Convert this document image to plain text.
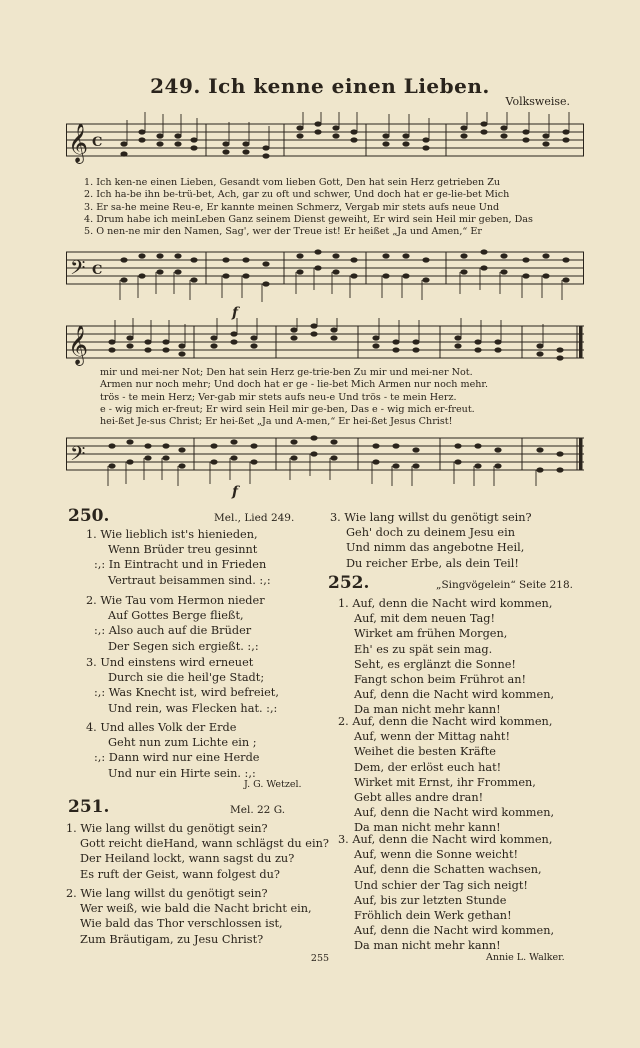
249. Ich kenne einen Lieben.
Volksweise.
𝄞 C
1. Ich ken-ne einen Lieben, Gesandt vom lieben Gott, Den hat sein Herz getrieben Zu
2. Ich ha-be ihn be-trü-bet, Ach, gar zu oft und schwer, Und doch hat er ge-lie-bet Mich
3. Er sa-he meine Reu-e, Er kannte meinen Schmerz, Vergab mir stets aufs neue Und
4. Drum habe ich meinLeben Ganz seinem Dienst geweiht, Er wird sein Heil mir geben, Das
5. O nen-ne mir den Namen, Sag', wer der Treue ist! Er heißet „Ja und Amen,“ Er
𝄢 C
f
𝄞
mir und mei-ner Not; Den hat sein Herz ge-trie-ben Zu mir und mei-ner Not.
Armen nur noch mehr; Und doch hat er ge - lie-bet Mich Armen nur noch mehr.
trös - te mein Herz; Ver-gab mir stets aufs neu-e Und trös - te mein Herz.
e - wig mich er-freut; Er wird sein Heil mir ge-ben, Das e - wig mich er-freut.
hei-ßet Je-sus Christ; Er hei-ßet „Ja und A-men,“ Er hei-ßet Jesus Christ!
𝄢
f
250.	Mel., Lied 249.
1. Wie lieblich ist's hienieden,
Wenn Brüder treu gesinnt
:,: In Eintracht und in Frieden
Vertraut beisammen sind. :,:
2. Wie Tau vom Hermon nieder
Auf Gottes Berge fließt,
:,: Also auch auf die Brüder
Der Segen sich ergießt. :,:
3. Und einstens wird erneuet
Durch sie die heil'ge Stadt;
:,: Was Knecht ist, wird befreiet,
Und rein, was Flecken hat. :,:
4. Und alles Volk der Erde
Geht nun zum Lichte ein ;
:,: Dann wird nur eine Herde
Und nur ein Hirte sein. :,:
J. G. Wetzel.
251.	Mel. 22 G.
1. Wie lang willst du genötigt sein?
Gott reicht dieHand, wann schlägst du ein?
Der Heiland lockt, wann sagst du zu?
Es ruft der Geist, wann folgest du?
2. Wie lang willst du genötigt sein?
Wer weiß, wie bald die Nacht bricht ein,
Wie bald das Thor verschlossen ist,
Zum Bräutigam, zu Jesu Christ?
3. Wie lang willst du genötigt sein?
Geh' doch zu deinem Jesu ein
Und nimm das angebotne Heil,
Du reicher Erbe, als dein Teil!
252.	„Singvögelein“ Seite 218.
1. Auf, denn die Nacht wird kommen,
Auf, mit dem neuen Tag!
Wirket am frühen Morgen,
Eh' es zu spät sein mag.
Seht, es erglänzt die Sonne!
Fangt schon beim Frührot an!
Auf, denn die Nacht wird kommen,
Da man nicht mehr kann!
2. Auf, denn die Nacht wird kommen,
Auf, wenn der Mittag naht!
Weihet die besten Kräfte
Dem, der erlöst euch hat!
Wirket mit Ernst, ihr Frommen,
Gebt alles andre dran!
Auf, denn die Nacht wird kommen,
Da man nicht mehr kann!
3. Auf, denn die Nacht wird kommen,
Auf, wenn die Sonne weicht!
Auf, denn die Schatten wachsen,
Und schier der Tag sich neigt!
Auf, bis zur letzten Stunde
Fröhlich dein Werk gethan!
Auf, denn die Nacht wird kommen,
Da man nicht mehr kann!
Annie L. Walker.
255
